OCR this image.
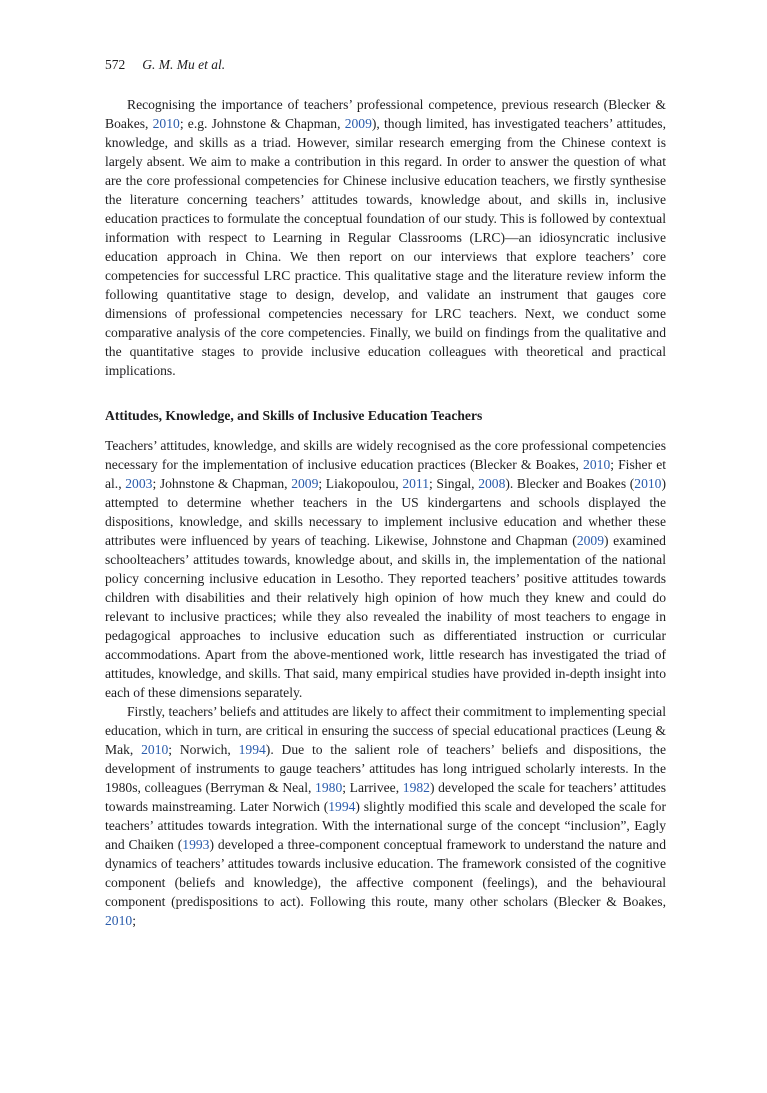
572 G. M. Mu et al.

Recognising the importance of teachers’ professional competence, previous research (Blecker & Boakes, 2010; e.g. Johnstone & Chapman, 2009), though limited, has investigated teachers’ attitudes, knowledge, and skills as a triad. However, similar research emerging from the Chinese context is largely absent. We aim to make a contribution in this regard. In order to answer the question of what are the core professional competencies for Chinese inclusive education teachers, we firstly synthesise the literature concerning teachers’ attitudes towards, knowledge about, and skills in, inclusive education practices to formulate the conceptual foundation of our study. This is followed by contextual information with respect to Learning in Regular Classrooms (LRC)—an idiosyncratic inclusive education approach in China. We then report on our interviews that explore teachers’ core competencies for successful LRC practice. This qualitative stage and the literature review inform the following quantitative stage to design, develop, and validate an instrument that gauges core dimensions of professional competencies necessary for LRC teachers. Next, we conduct some comparative analysis of the core competencies. Finally, we build on findings from the qualitative and the quantitative stages to provide inclusive education colleagues with theoretical and practical implications.

Attitudes, Knowledge, and Skills of Inclusive Education Teachers

Teachers’ attitudes, knowledge, and skills are widely recognised as the core professional competencies necessary for the implementation of inclusive education practices (Blecker & Boakes, 2010; Fisher et al., 2003; Johnstone & Chapman, 2009; Liakopoulou, 2011; Singal, 2008). Blecker and Boakes (2010) attempted to determine whether teachers in the US kindergartens and schools displayed the dispositions, knowledge, and skills necessary to implement inclusive education and whether these attributes were influenced by years of teaching. Likewise, Johnstone and Chapman (2009) examined schoolteachers’ attitudes towards, knowledge about, and skills in, the implementation of the national policy concerning inclusive education in Lesotho. They reported teachers’ positive attitudes towards children with disabilities and their relatively high opinion of how much they knew and could do relevant to inclusive practices; while they also revealed the inability of most teachers to engage in pedagogical approaches to inclusive education such as differentiated instruction or curricular accommodations. Apart from the above-mentioned work, little research has investigated the triad of attitudes, knowledge, and skills. That said, many empirical studies have provided in-depth insight into each of these dimensions separately.

Firstly, teachers’ beliefs and attitudes are likely to affect their commitment to implementing special education, which in turn, are critical in ensuring the success of special educational practices (Leung & Mak, 2010; Norwich, 1994). Due to the salient role of teachers’ beliefs and dispositions, the development of instruments to gauge teachers’ attitudes has long intrigued scholarly interests. In the 1980s, colleagues (Berryman & Neal, 1980; Larrivee, 1982) developed the scale for teachers’ attitudes towards mainstreaming. Later Norwich (1994) slightly modified this scale and developed the scale for teachers’ attitudes towards integration. With the international surge of the concept “inclusion”, Eagly and Chaiken (1993) developed a three-component conceptual framework to understand the nature and dynamics of teachers’ attitudes towards inclusive education. The framework consisted of the cognitive component (beliefs and knowledge), the affective component (feelings), and the behavioural component (predispositions to act). Following this route, many other scholars (Blecker & Boakes, 2010;
